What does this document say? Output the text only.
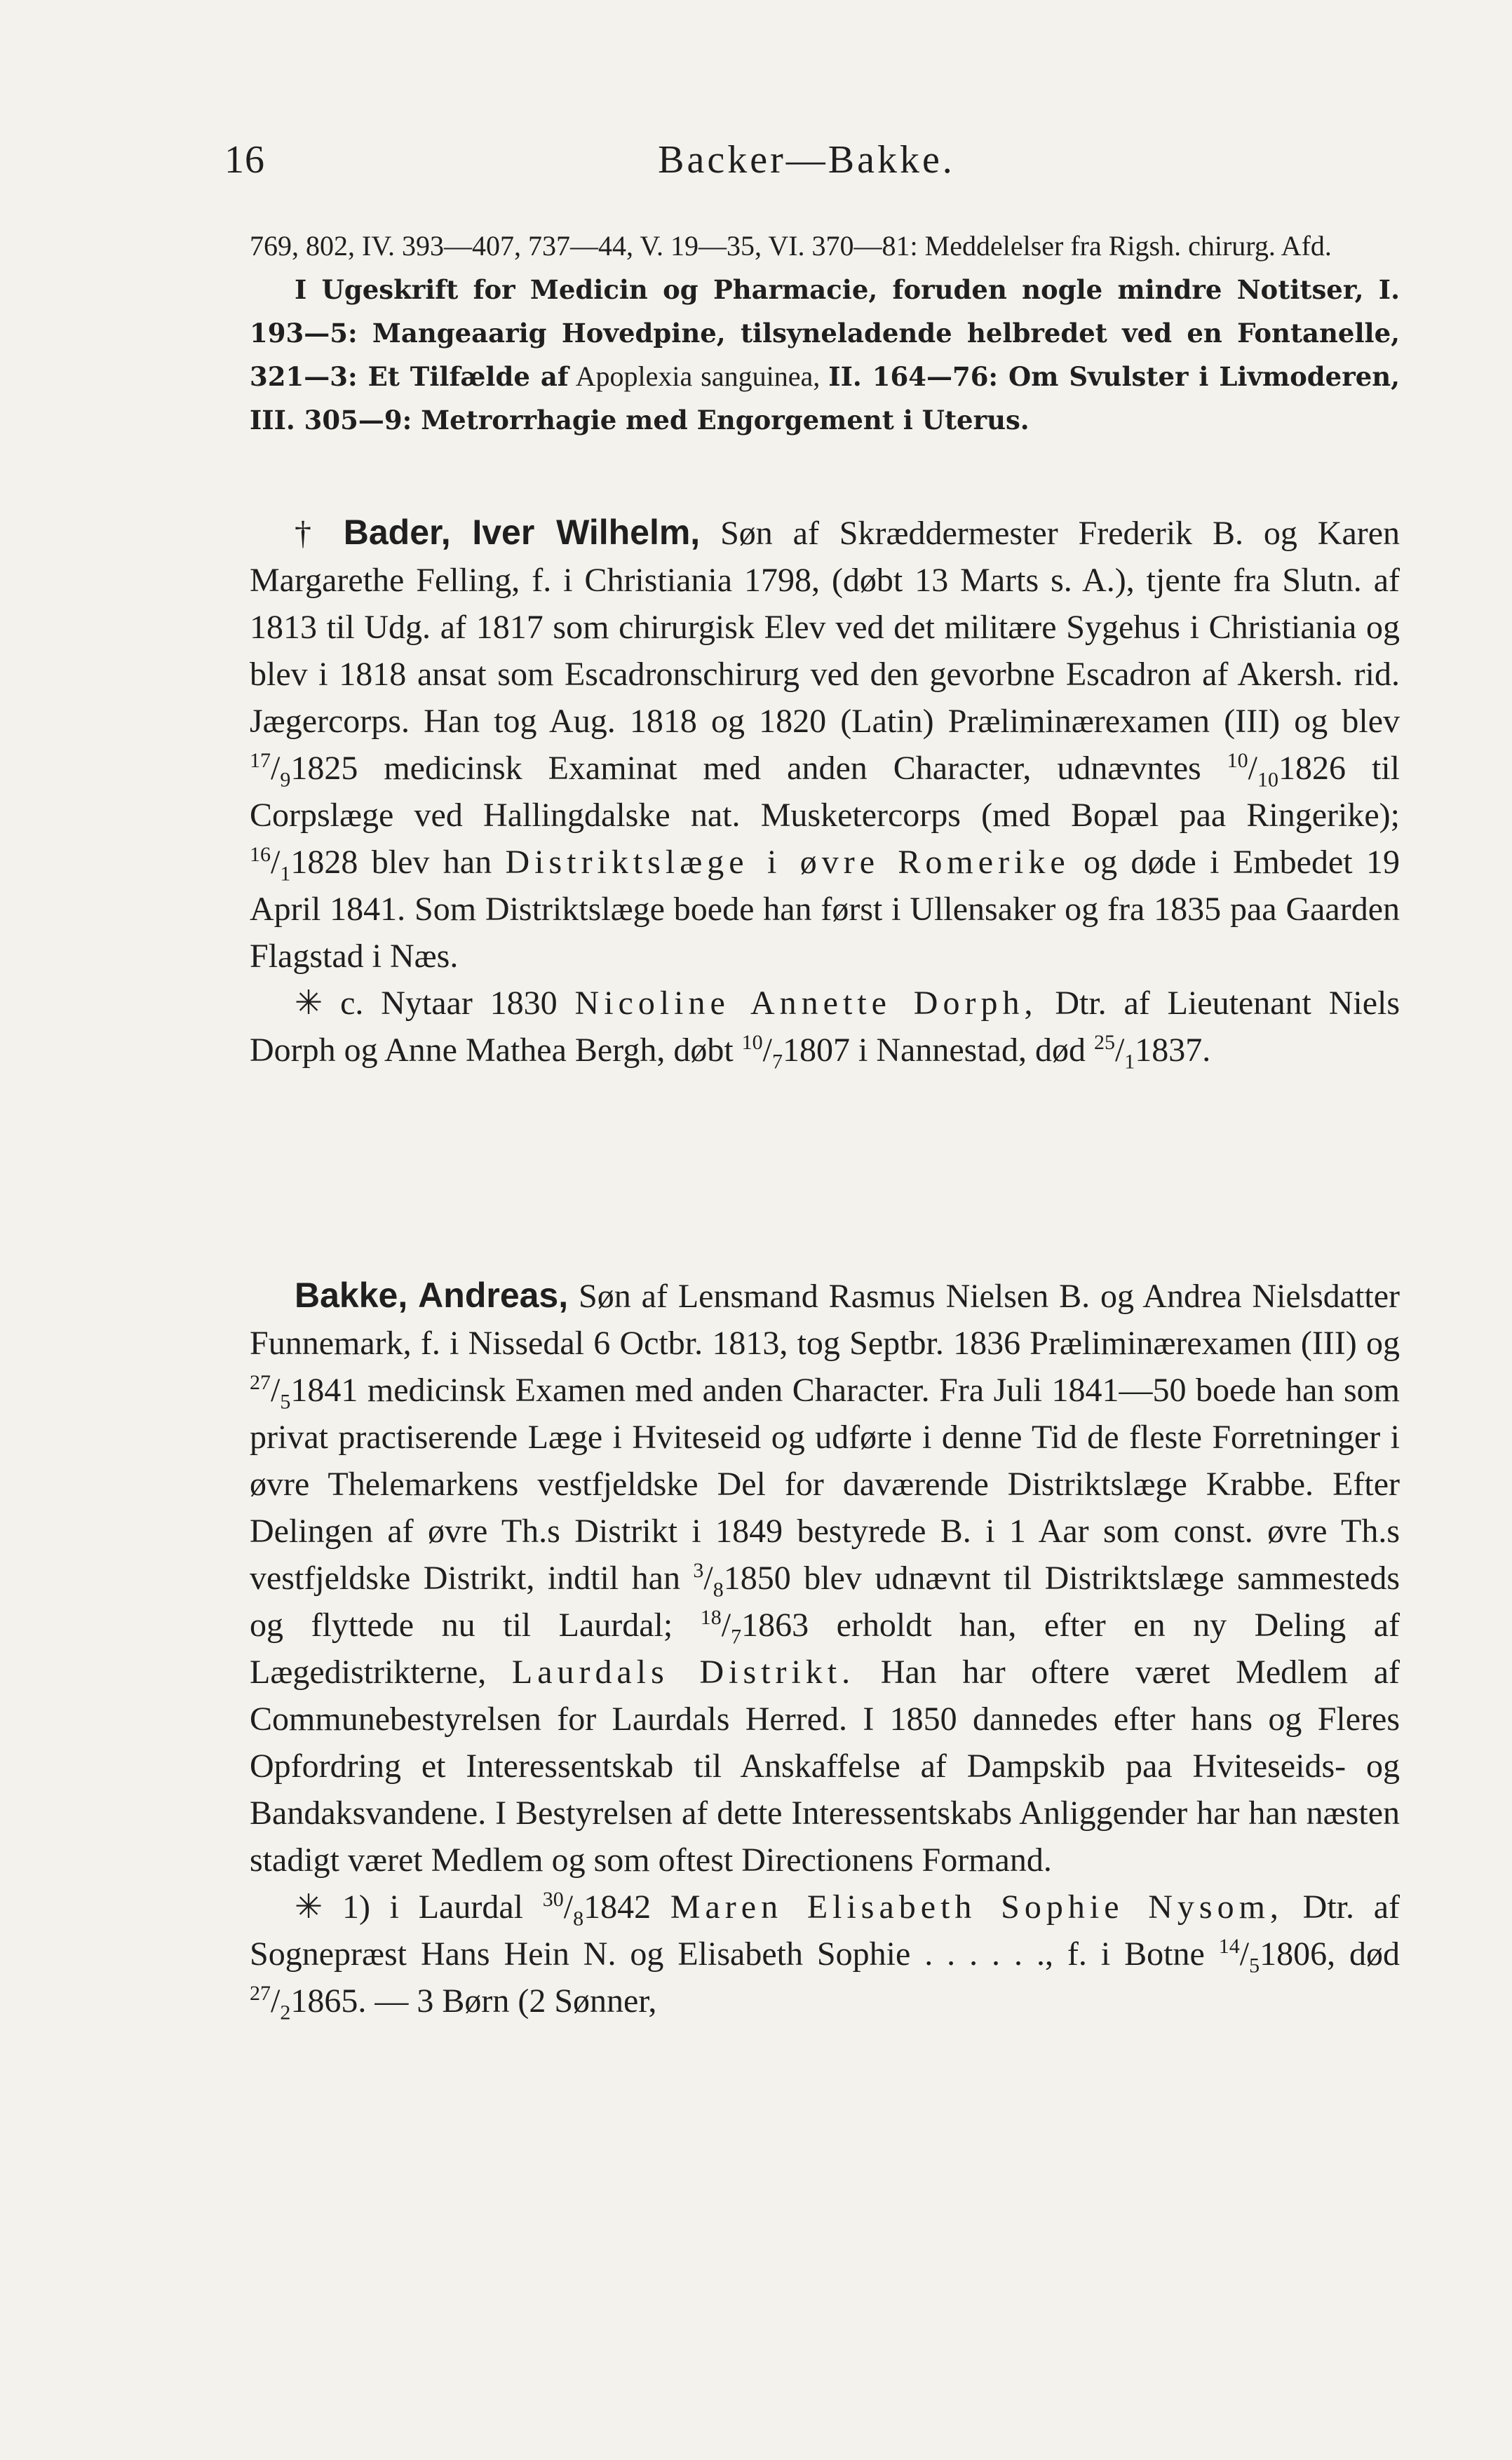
16	Backer—Bakke.

769, 802, IV. 393—407, 737—44, V. 19—35, VI. 370—81: Meddelelser fra Rigsh. chirurg. Afd.

I Ugeskrift for Medicin og Pharmacie, foruden nogle mindre Notitser, I. 193—5: Mangeaarig Hovedpine, tilsyneladende helbredet ved en Fontanelle, 321—3: Et Tilfælde af Apoplexia sanguinea, II. 164—76: Om Svulster i Livmoderen, III. 305—9: Metrorrhagie med Engorgement i Uterus.

† Bader, Iver Wilhelm, Søn af Skræddermester Frederik B. og Karen Margarethe Felling, f. i Christiania 1798, (døbt 13 Marts s. A.), tjente fra Slutn. af 1813 til Udg. af 1817 som chirurgisk Elev ved det militære Sygehus i Christiania og blev i 1818 ansat som Escadronschirurg ved den gevorbne Escadron af Akersh. rid. Jægercorps. Han tog Aug. 1818 og 1820 (Latin) Præliminærexamen (III) og blev $^{17}/_91825$ medicinsk Examinat med anden Character, udnævntes $^{10}/_{10}1826$ til Corpslæge ved Hallingdalske nat. Musketercorps (med Bopæl paa Ringerike); $^{16}/_11828$ blev han Distriktslæge i øvre Romerike og døde i Embedet 19 April 1841. Som Distriktslæge boede han først i Ullensaker og fra 1835 paa Gaarden Flagstad i Næs.

✳ c. Nytaar 1830 Nicoline Annette Dorph, Dtr. af Lieutenant Niels Dorph og Anne Mathea Bergh, døbt $^{10}/_71807$ i Nannestad, død $^{25}/_11837$.

Bakke, Andreas, Søn af Lensmand Rasmus Nielsen B. og Andrea Nielsdatter Funnemark, f. i Nissedal 6 Octbr. 1813, tog Septbr. 1836 Præliminærexamen (III) og $^{27}/_51841$ medicinsk Examen med anden Character. Fra Juli 1841—50 boede han som privat practiserende Læge i Hviteseid og udførte i denne Tid de fleste Forretninger i øvre Thelemarkens vestfjeldske Del for daværende Distriktslæge Krabbe. Efter Delingen af øvre Th.s Distrikt i 1849 bestyrede B. i 1 Aar som const. øvre Th.s vestfjeldske Distrikt, indtil han $^3/_81850$ blev udnævnt til Distriktslæge sammesteds og flyttede nu til Laurdal; $^{18}/_71863$ erholdt han, efter en ny Deling af Lægedistrikterne, Laurdals Distrikt. Han har oftere været Medlem af Communebestyrelsen for Laurdals Herred. I 1850 dannedes efter hans og Fleres Opfordring et Interessentskab til Anskaffelse af Dampskib paa Hviteseids- og Bandaksvandene. I Bestyrelsen af dette Interessentskabs Anliggender har han næsten stadigt været Medlem og som oftest Directionens Formand.

✳ 1) i Laurdal $^{30}/_81842$ Maren Elisabeth Sophie Nysom, Dtr. af Sognepræst Hans Hein N. og Elisabeth Sophie . . . . . ., f. i Botne $^{14}/_51806$, død $^{27}/_21865$. — 3 Børn (2 Sønner,
